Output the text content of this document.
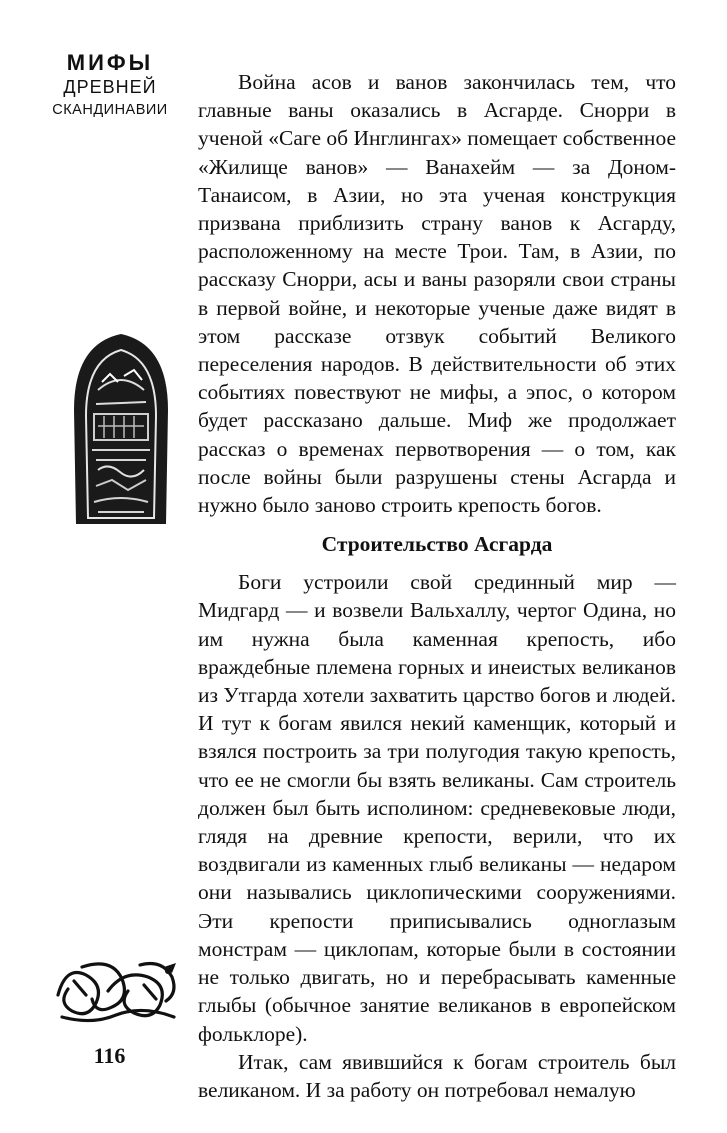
МИФЫ
ДРЕВНЕЙ
СКАНДИНАВИИ
116

Война асов и ванов закончилась тем, что главные ваны оказались в Асгарде. Снорри в ученой «Саге об Инглингах» помещает собственное «Жилище ванов» — Ванахейм — за Доном-Танаисом, в Азии, но эта ученая конструкция призвана приблизить страну ванов к Асгарду, расположенному на месте Трои. Там, в Азии, по рассказу Снорри, асы и ваны разоряли свои страны в первой войне, и некоторые ученые даже видят в этом рассказе отзвук событий Великого переселения народов. В действительности об этих событиях повествуют не мифы, а эпос, о котором будет рассказано дальше. Миф же продолжает рассказ о временах первотворения — о том, как после войны были разрушены стены Асгарда и нужно было заново строить крепость богов.

Строительство Асгарда

Боги устроили свой срединный мир — Мидгард — и возвели Вальхаллу, чертог Одина, но им нужна была каменная крепость, ибо враждебные племена горных и инеистых великанов из Утгарда хотели захватить царство богов и людей. И тут к богам явился некий каменщик, который и взялся построить за три полугодия такую крепость, что ее не смогли бы взять великаны. Сам строитель должен был быть исполином: средневековые люди, глядя на древние крепости, верили, что их воздвигали из каменных глыб великаны — недаром они назывались циклопическими сооружениями. Эти крепости приписывались одноглазым монстрам — циклопам, которые были в состоянии не только двигать, но и перебрасывать каменные глыбы (обычное занятие великанов в европейском фольклоре).

Итак, сам явившийся к богам строитель был великаном. И за работу он потребовал немалую
